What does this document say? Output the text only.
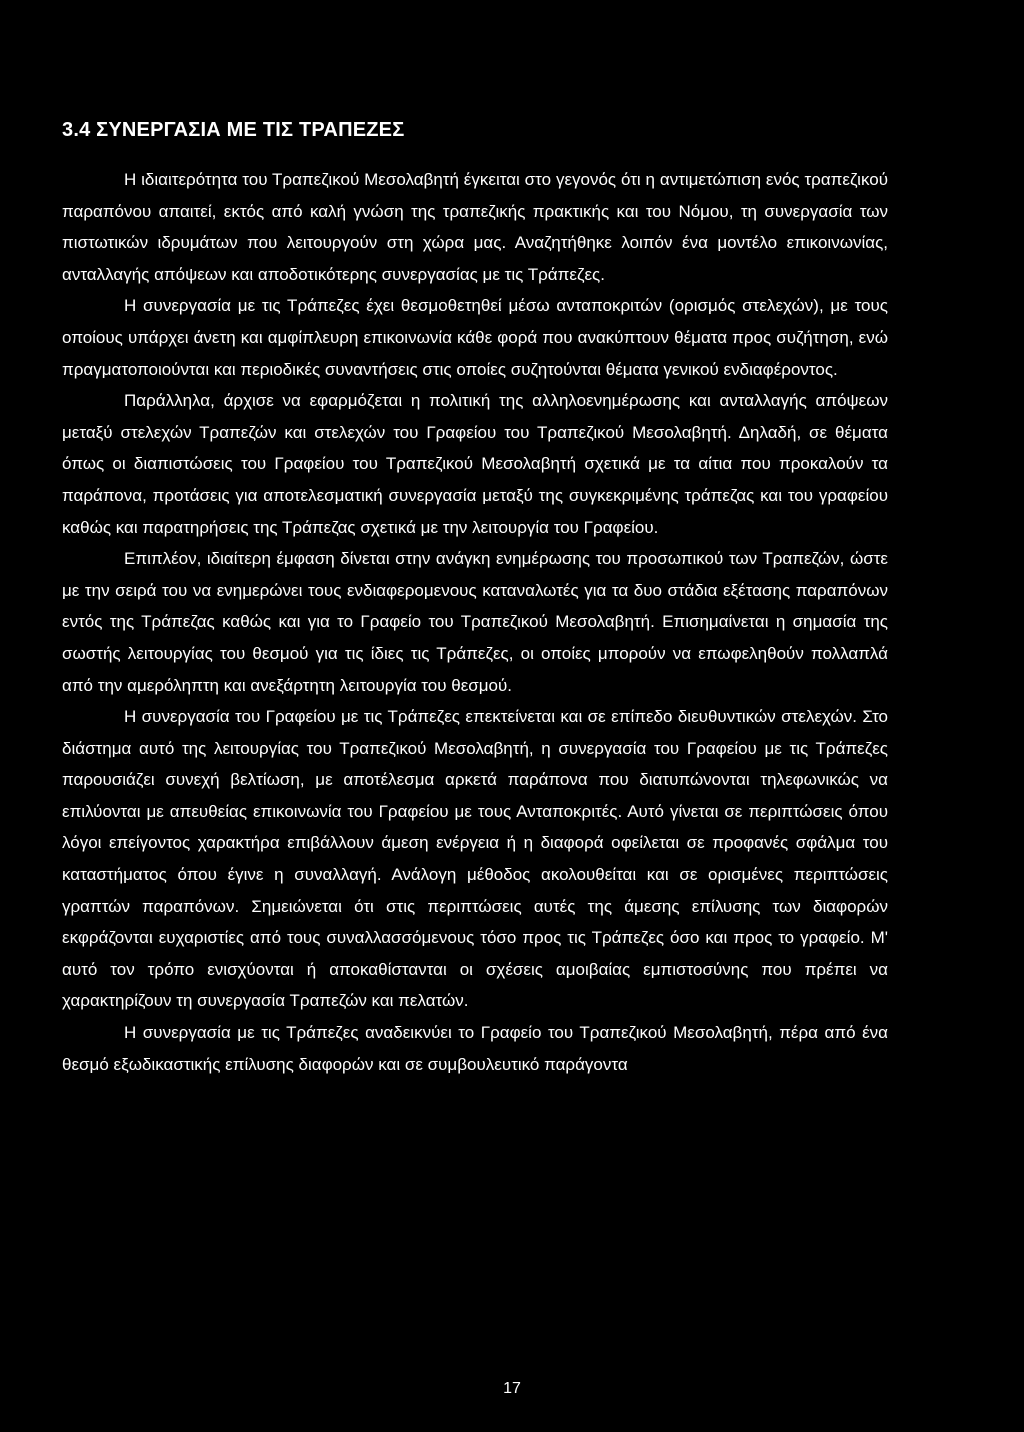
3.4 ΣΥΝΕΡΓΑΣΙΑ ΜΕ ΤΙΣ ΤΡΑΠΕΖΕΣ

Η ιδιαιτερότητα του Τραπεζικού Μεσολαβητή έγκειται στο γεγονός ότι η αντιμετώπιση ενός τραπεζικού παραπόνου απαιτεί, εκτός από καλή γνώση της τραπεζικής πρακτικής και του Νόμου, τη συνεργασία των πιστωτικών ιδρυμάτων που λειτουργούν στη χώρα μας. Αναζητήθηκε λοιπόν ένα μοντέλο επικοινωνίας, ανταλλαγής απόψεων και αποδοτικότερης συνεργασίας με τις Τράπεζες.

Η συνεργασία με τις Τράπεζες έχει θεσμοθετηθεί μέσω ανταποκριτών (ορισμός στελεχών), με τους οποίους υπάρχει άνετη και αμφίπλευρη επικοινωνία κάθε φορά που ανακύπτουν θέματα προς συζήτηση, ενώ πραγματοποιούνται και περιοδικές συναντήσεις στις οποίες συζητούνται θέματα γενικού ενδιαφέροντος.

Παράλληλα, άρχισε να εφαρμόζεται η πολιτική της αλληλοενημέρωσης και ανταλλαγής απόψεων μεταξύ στελεχών Τραπεζών και στελεχών του Γραφείου του Τραπεζικού Μεσολαβητή. Δηλαδή, σε θέματα όπως οι διαπιστώσεις του Γραφείου του Τραπεζικού Μεσολαβητή σχετικά με τα αίτια που προκαλούν τα παράπονα, προτάσεις για αποτελεσματική συνεργασία μεταξύ της συγκεκριμένης τράπεζας και του γραφείου καθώς και παρατηρήσεις της Τράπεζας σχετικά με την λειτουργία του Γραφείου.

Επιπλέον, ιδιαίτερη έμφαση δίνεται στην ανάγκη ενημέρωσης του προσωπικού των Τραπεζών, ώστε με την σειρά του να ενημερώνει τους ενδιαφερομενους καταναλωτές για τα δυο στάδια εξέτασης παραπόνων εντός της Τράπεζας καθώς και για το Γραφείο του Τραπεζικού Μεσολαβητή. Επισημαίνεται η σημασία της σωστής λειτουργίας του θεσμού για τις ίδιες τις Τράπεζες, οι οποίες μπορούν να επωφεληθούν πολλαπλά από την αμερόληπτη και ανεξάρτητη λειτουργία του θεσμού.

Η συνεργασία του Γραφείου με τις Τράπεζες επεκτείνεται και σε επίπεδο διευθυντικών στελεχών. Στο διάστημα αυτό της λειτουργίας του Τραπεζικού Μεσολαβητή, η συνεργασία του Γραφείου με τις Τράπεζες παρουσιάζει συνεχή βελτίωση, με αποτέλεσμα αρκετά παράπονα που διατυπώνονται τηλεφωνικώς να επιλύονται με απευθείας επικοινωνία του Γραφείου με τους Ανταποκριτές. Αυτό γίνεται σε περιπτώσεις όπου λόγοι επείγοντος χαρακτήρα επιβάλλουν άμεση ενέργεια ή η διαφορά οφείλεται σε προφανές σφάλμα του καταστήματος όπου έγινε η συναλλαγή. Ανάλογη μέθοδος ακολουθείται και σε ορισμένες περιπτώσεις γραπτών παραπόνων. Σημειώνεται ότι στις περιπτώσεις αυτές της άμεσης επίλυσης των διαφορών εκφράζονται ευχαριστίες από τους συναλλασσόμενους τόσο προς τις Τράπεζες όσο και προς το γραφείο. Μ' αυτό τον τρόπο ενισχύονται ή αποκαθίστανται οι σχέσεις αμοιβαίας εμπιστοσύνης που πρέπει να χαρακτηρίζουν τη συνεργασία Τραπεζών και πελατών.

Η συνεργασία με τις Τράπεζες αναδεικνύει το Γραφείο του Τραπεζικού Μεσολαβητή, πέρα από ένα θεσμό εξωδικαστικής επίλυσης διαφορών και σε συμβουλευτικό παράγοντα

17
